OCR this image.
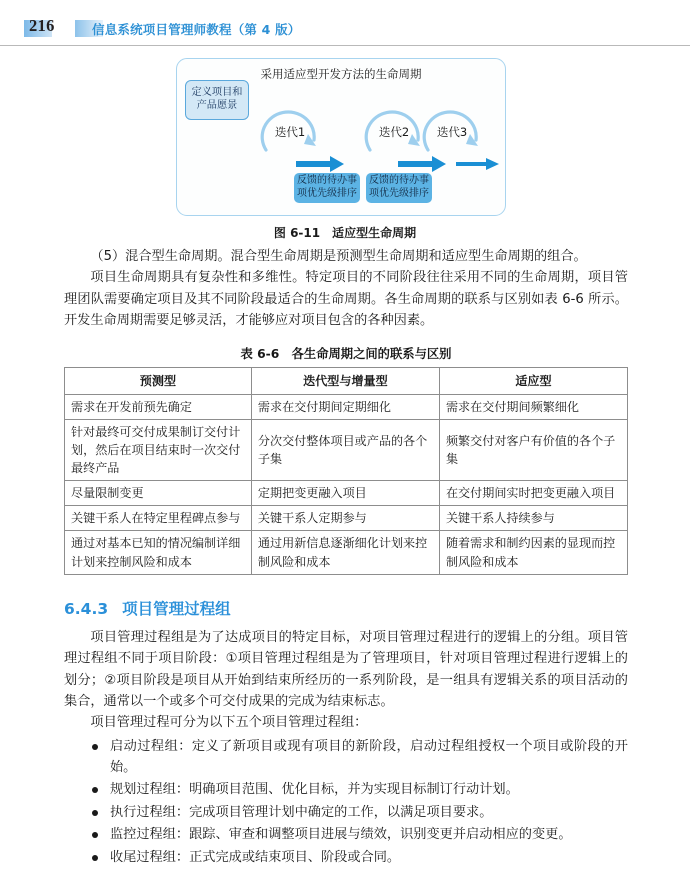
216	信息系统项目管理师教程（第 4 版）
采用适应型开发方法的生命周期
定义项目和
产品愿景
迭代1	迭代2	迭代3
反馈的待办事
项优先级排序
反馈的待办事
项优先级排序
图 6-11　适应型生命周期

（5）混合型生命周期。混合型生命周期是预测型生命周期和适应型生命周期的组合。

项目生命周期具有复杂性和多维性。特定项目的不同阶段往往采用不同的生命周期，项目管理团队需要确定项目及其不同阶段最适合的生命周期。各生命周期的联系与区别如表 6-6 所示。开发生命周期需要足够灵活，才能够应对项目包含的各种因素。

表 6-6　各生命周期之间的联系与区别
预测型	迭代型与增量型	适应型
需求在开发前预先确定	需求在交付期间定期细化	需求在交付期间频繁细化
针对最终可交付成果制订交付计划，然后在项目结束时一次交付最终产品	分次交付整体项目或产品的各个子集	频繁交付对客户有价值的各个子集
尽量限制变更	定期把变更融入项目	在交付期间实时把变更融入项目
关键干系人在特定里程碑点参与	关键干系人定期参与	关键干系人持续参与
通过对基本已知的情况编制详细计划来控制风险和成本	通过用新信息逐渐细化计划来控制风险和成本	随着需求和制约因素的显现而控制风险和成本
6.4.3 项目管理过程组

项目管理过程组是为了达成项目的特定目标，对项目管理过程进行的逻辑上的分组。项目管理过程组不同于项目阶段：①项目管理过程组是为了管理项目，针对项目管理过程进行逻辑上的划分；②项目阶段是项目从开始到结束所经历的一系列阶段，是一组具有逻辑关系的项目活动的集合，通常以一个或多个可交付成果的完成为结束标志。

项目管理过程可分为以下五个项目管理过程组：

启动过程组：定义了新项目或现有项目的新阶段，启动过程组授权一个项目或阶段的开始。
规划过程组：明确项目范围、优化目标，并为实现目标制订行动计划。
执行过程组：完成项目管理计划中确定的工作，以满足项目要求。
监控过程组：跟踪、审查和调整项目进展与绩效，识别变更并启动相应的变更。
收尾过程组：正式完成或结束项目、阶段或合同。
